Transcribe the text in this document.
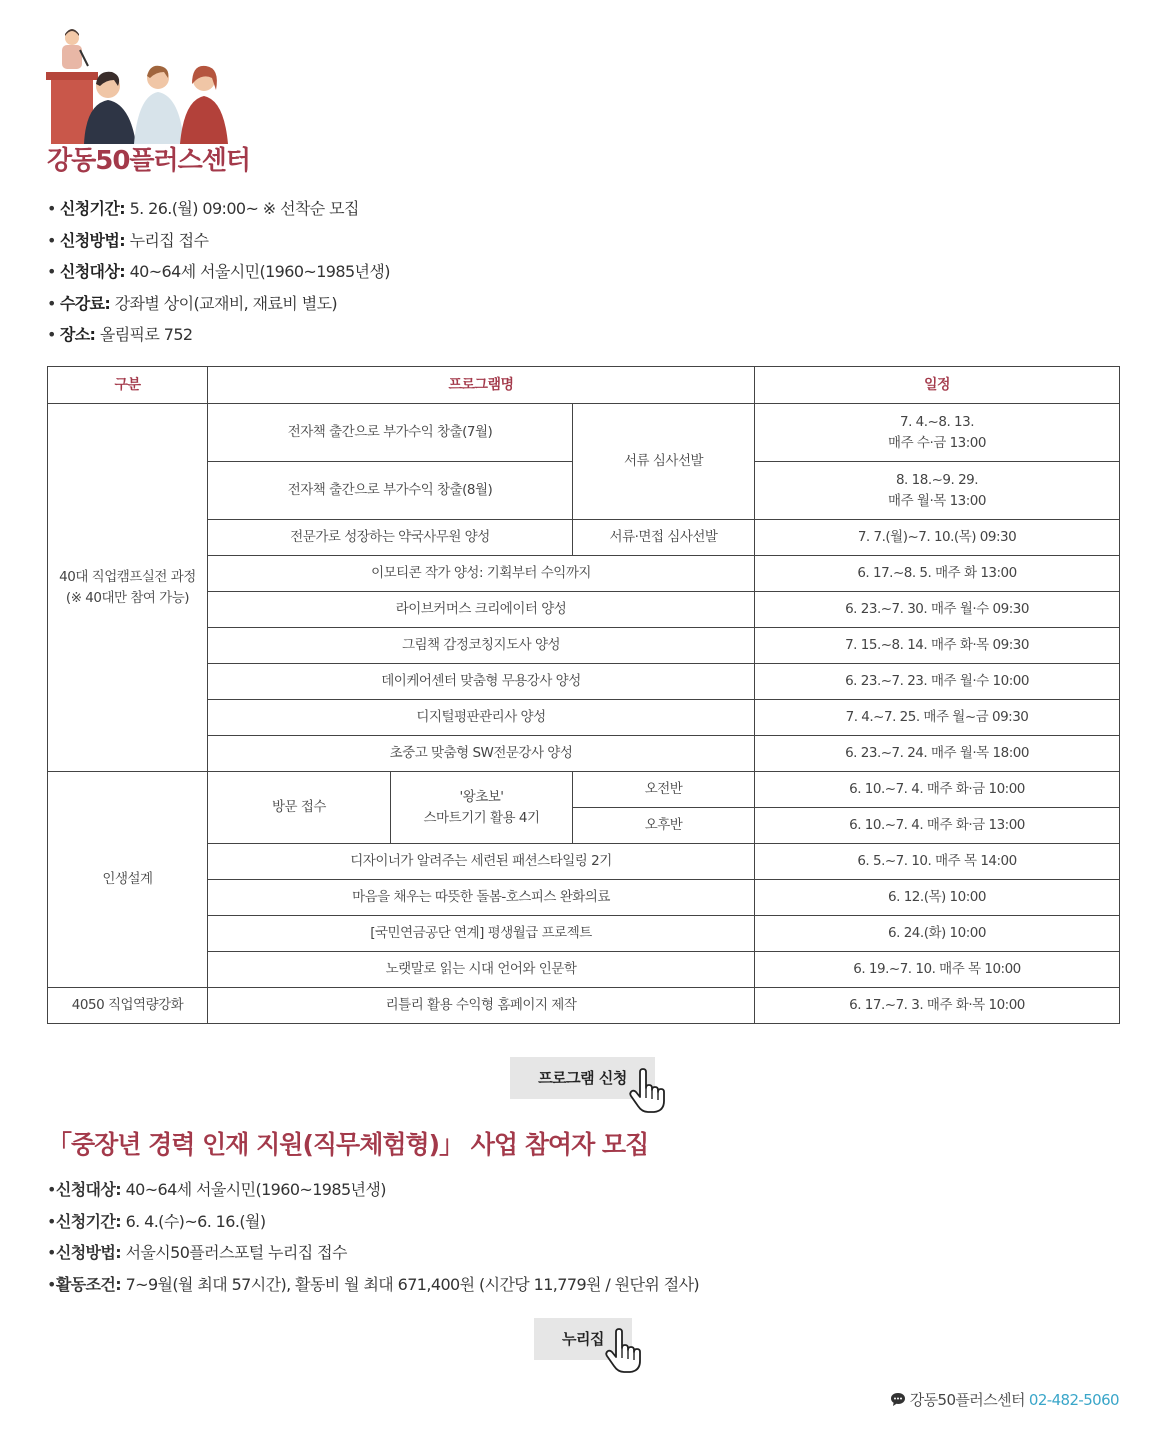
강동50플러스센터
• 신청기간: 5. 26.(월) 09:00~ ※ 선착순 모집
• 신청방법: 누리집 접수
• 신청대상: 40~64세 서울시민(1960~1985년생)
• 수강료: 강좌별 상이(교재비, 재료비 별도)
• 장소: 올림픽로 752
구분	프로그램명			일정
40대 직업캠프실전 과정
(※ 40대만 참여 가능)	전자책 출간으로 부가수익 창출(7월)		서류 심사선발	7. 4.~8. 13.
매주 수·금 13:00
	전자책 출간으로 부가수익 창출(8월)			8. 18.~9. 29.
매주 월·목 13:00
	전문가로 성장하는 약국사무원 양성		서류·면접 심사선발	7. 7.(월)~7. 10.(목) 09:30
	이모티콘 작가 양성: 기획부터 수익까지			6. 17.~8. 5. 매주 화 13:00
	라이브커머스 크리에이터 양성			6. 23.~7. 30. 매주 월·수 09:30
	그림책 감정코칭지도사 양성			7. 15.~8. 14. 매주 화·목 09:30
	데이케어센터 맞춤형 무용강사 양성			6. 23.~7. 23. 매주 월·수 10:00
	디지털평판관리사 양성			7. 4.~7. 25. 매주 월~금 09:30
	초중고 맞춤형 SW전문강사 양성			6. 23.~7. 24. 매주 월·목 18:00
인생설계	방문 접수	'왕초보'
스마트기기 활용 4기	오전반	6. 10.~7. 4. 매주 화·금 10:00
			오후반	6. 10.~7. 4. 매주 화·금 13:00
	디자이너가 알려주는 세련된 패션스타일링 2기			6. 5.~7. 10. 매주 목 14:00
	마음을 채우는 따뜻한 돌봄-호스피스 완화의료			6. 12.(목) 10:00
	[국민연금공단 연계] 평생월급 프로젝트			6. 24.(화) 10:00
	노랫말로 읽는 시대 언어와 인문학			6. 19.~7. 10. 매주 목 10:00
4050 직업역량강화	리틀리 활용 수익형 홈페이지 제작			6. 17.~7. 3. 매주 화·목 10:00
프로그램 신청
「중장년 경력 인재 지원(직무체험형)」 사업 참여자 모집
•신청대상: 40~64세 서울시민(1960~1985년생)
•신청기간: 6. 4.(수)~6. 16.(월)
•신청방법: 서울시50플러스포털 누리집 접수
•활동조건: 7~9월(월 최대 57시간), 활동비 월 최대 671,400원 (시간당 11,779원 / 원단위 절사)
누리집
강동50플러스센터 02-482-5060
